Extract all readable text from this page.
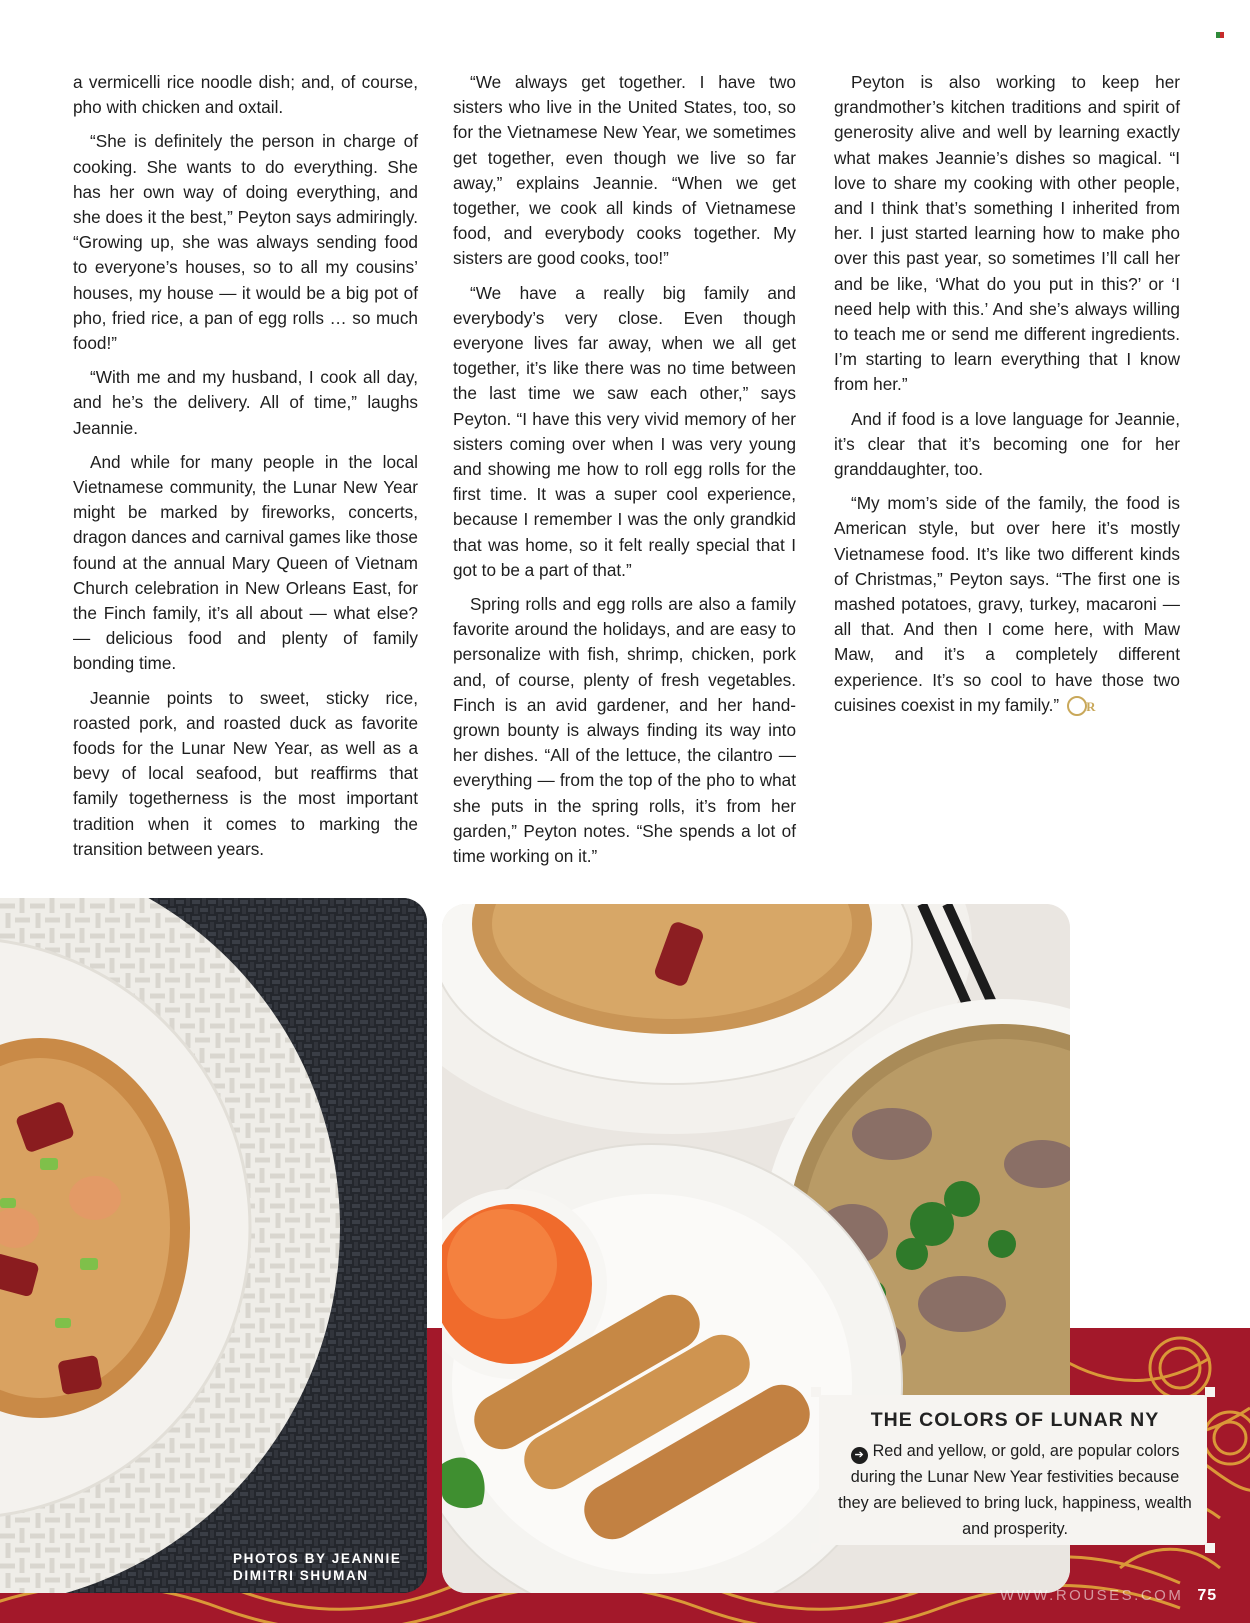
a vermicelli rice noodle dish; and, of course, pho with chicken and oxtail.

“She is definitely the person in charge of cooking. She wants to do everything. She has her own way of doing everything, and she does it the best,” Peyton says admiringly. “Growing up, she was always sending food to everyone’s houses, so to all my cousins’ houses, my house — it would be a big pot of pho, fried rice, a pan of egg rolls … so much food!”

“With me and my husband, I cook all day, and he’s the delivery. All of time,” laughs Jeannie.

And while for many people in the local Vietnamese community, the Lunar New Year might be marked by fireworks, concerts, dragon dances and carnival games like those found at the annual Mary Queen of Vietnam Church celebration in New Orleans East, for the Finch family, it’s all about — what else? — delicious food and plenty of family bonding time.

Jeannie points to sweet, sticky rice, roasted pork, and roasted duck as favorite foods for the Lunar New Year, as well as a bevy of local seafood, but reaffirms that family togetherness is the most important tradition when it comes to marking the transition between years.

“We always get together. I have two sisters who live in the United States, too, so for the Vietnamese New Year, we sometimes get together, even though we live so far away,” explains Jeannie. “When we get together, we cook all kinds of Vietnamese food, and everybody cooks together. My sisters are good cooks, too!”

“We have a really big family and everybody’s very close. Even though everyone lives far away, when we all get together, it’s like there was no time between the last time we saw each other,” says Peyton. “I have this very vivid memory of her sisters coming over when I was very young and showing me how to roll egg rolls for the first time. It was a super cool experience, because I remember I was the only grandkid that was home, so it felt really special that I got to be a part of that.”

Spring rolls and egg rolls are also a family favorite around the holidays, and are easy to personalize with fish, shrimp, chicken, pork and, of course, plenty of fresh vegetables. Finch is an avid gardener, and her hand-grown bounty is always finding its way into her dishes. “All of the lettuce, the cilantro — everything — from the top of the pho to what she puts in the spring rolls, it’s from her garden,” Peyton notes. “She spends a lot of time working on it.”

Peyton is also working to keep her grandmother’s kitchen traditions and spirit of generosity alive and well by learning exactly what makes Jeannie’s dishes so magical. “I love to share my cooking with other people, and I think that’s something I inherited from her. I just started learning how to make pho over this past year, so sometimes I’ll call her and be like, ‘What do you put in this?’ or ‘I need help with this.’ And she’s always willing to teach me or send me different ingredients. I’m starting to learn everything that I know from her.”

And if food is a love language for Jeannie, it’s clear that it’s becoming one for her granddaughter, too.

“My mom’s side of the family, the food is American style, but over here it’s mostly Vietnamese food. It’s like two different kinds of Christmas,” Peyton says. “The first one is mashed potatoes, gravy, turkey, macaroni — all that. And then I come here, with Maw Maw, and it’s a completely different experience. It’s so cool to have those two cuisines coexist in my family.” R

PHOTOS BY JEANNIE
DIMITRI SHUMAN
THE COLORS OF LUNAR NY
➔ Red and yellow, or gold, are popular colors during the Lunar New Year festivities because they are believed to bring luck, happiness, wealth and prosperity.
WWW.ROUSES.COM 75
